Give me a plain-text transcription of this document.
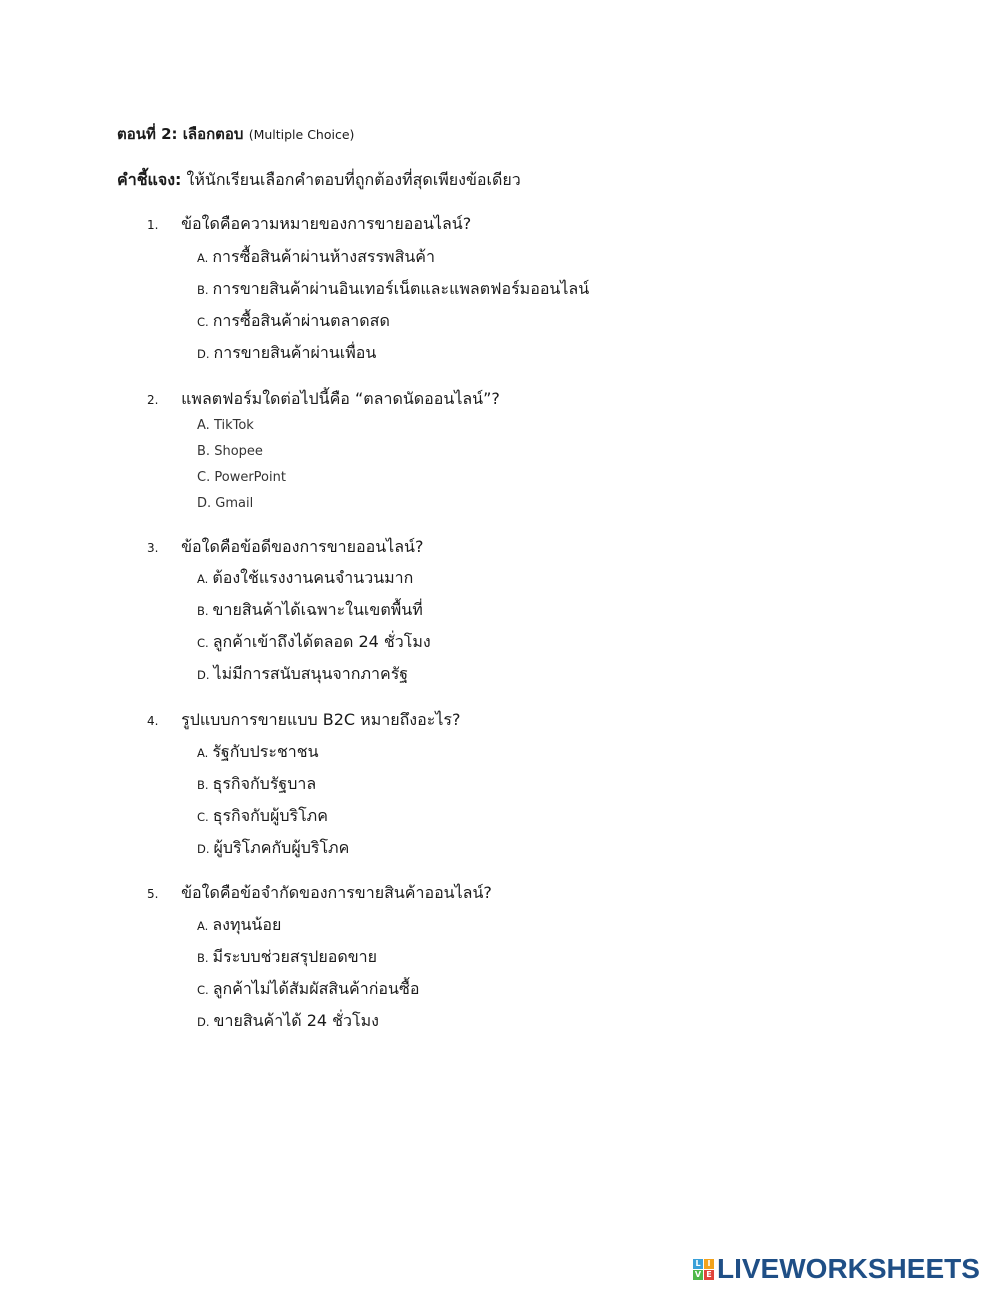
ตอนที่ 2: เลือกตอบ (Multiple Choice)
คำชี้แจง: ให้นักเรียนเลือกคำตอบที่ถูกต้องที่สุดเพียงข้อเดียว
1. ข้อใดคือความหมายของการขายออนไลน์?
A. การซื้อสินค้าผ่านห้างสรรพสินค้า
B. การขายสินค้าผ่านอินเทอร์เน็ตและแพลตฟอร์มออนไลน์
C. การซื้อสินค้าผ่านตลาดสด
D. การขายสินค้าผ่านเพื่อน
2. แพลตฟอร์มใดต่อไปนี้คือ “ตลาดนัดออนไลน์”?
A. TikTok
B. Shopee
C. PowerPoint
D. Gmail
3. ข้อใดคือข้อดีของการขายออนไลน์?
A. ต้องใช้แรงงานคนจำนวนมาก
B. ขายสินค้าได้เฉพาะในเขตพื้นที่
C. ลูกค้าเข้าถึงได้ตลอด 24 ชั่วโมง
D. ไม่มีการสนับสนุนจากภาครัฐ
4. รูปแบบการขายแบบ B2C หมายถึงอะไร?
A. รัฐกับประชาชน
B. ธุรกิจกับรัฐบาล
C. ธุรกิจกับผู้บริโภค
D. ผู้บริโภคกับผู้บริโภค
5. ข้อใดคือข้อจำกัดของการขายสินค้าออนไลน์?
A. ลงทุนน้อย
B. มีระบบช่วยสรุปยอดขาย
C. ลูกค้าไม่ได้สัมผัสสินค้าก่อนซื้อ
D. ขายสินค้าได้ 24 ชั่วโมง
L I
V E LIVEWORKSHEETS
